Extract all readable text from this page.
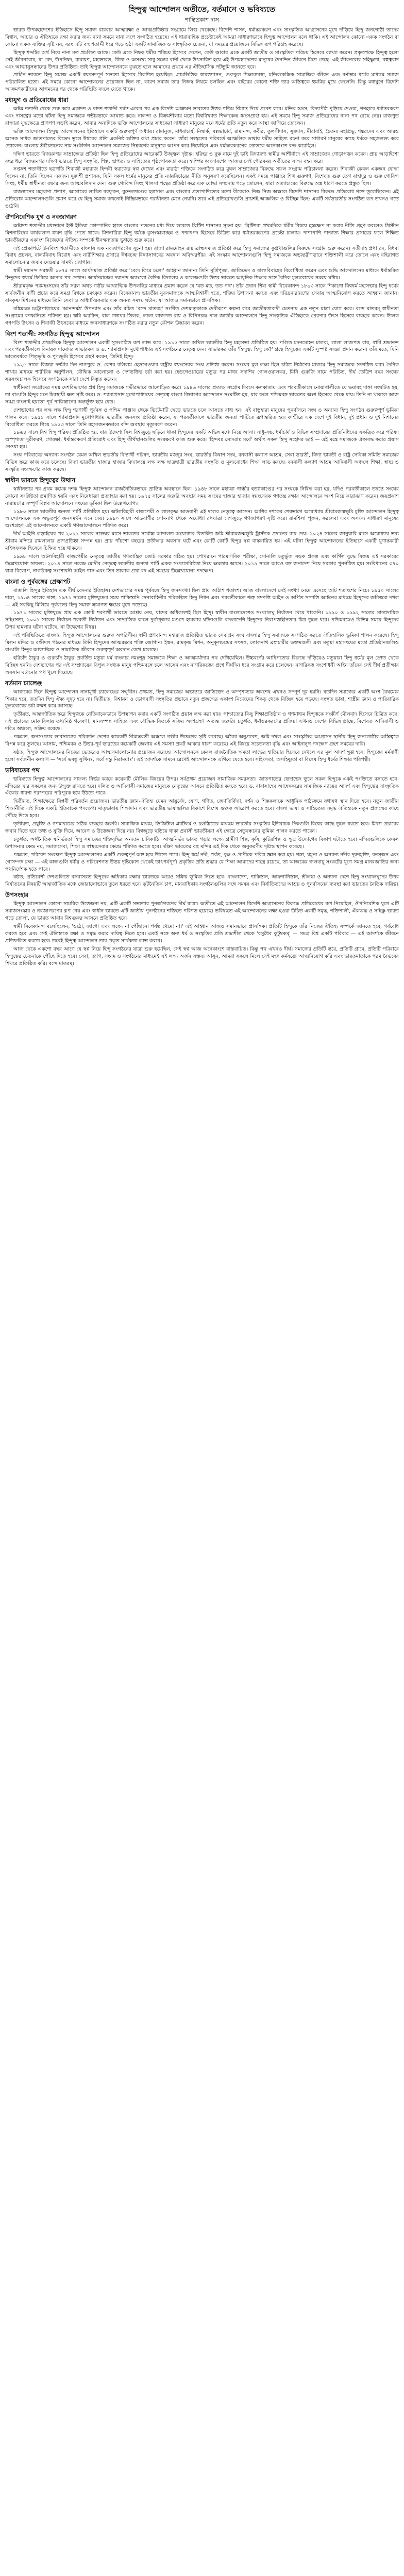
হিন্দুত্ব আন্দোলন অতীতে, বর্তমানে ও ভবিষ্যতে
শান্তিপ্রকাশ দাস

ভারত উপমহাদেশের ইতিহাসে হিন্দু সমাজ বারবার আত্মরক্ষা ও আত্মপ্রতিষ্ঠার সংগ্রামে লিপ্ত থেকেছে। বিদেশি শাসন, ধর্মান্তরকরণ এবং সাংস্কৃতিক আগ্রাসনের মুখে দাঁড়িয়ে হিন্দু জনগোষ্ঠী তাদের বিশ্বাস, আচার ও ঐতিহ্যকে রক্ষা করার জন্য নানা সময়ে নানা রূপে সংগঠিত হয়েছে। এই ধারাবাহিক প্রচেষ্টাকেই আমরা সাধারণভাবে হিন্দুত্ব আন্দোলন বলে থাকি। এই আন্দোলন কোনো একক সংগঠন বা কোনো একক ব্যক্তির সৃষ্টি নয়; বরং এটি বহু শতাব্দী ধরে গড়ে ওঠা একটি সামাজিক ও সাংস্কৃতিক চেতনা, যা সময়ের প্রয়োজনে বিভিন্ন রূপ পরিগ্রহ করেছে।

হিন্দুত্ব শব্দটির অর্থ নিয়ে নানা মত প্রচলিত আছে। কেউ একে নিছক ধর্মীয় পরিচয় হিসেবে দেখেন, কেউ আবার একে একটি জাতীয় ও সাংস্কৃতিক পরিচয় হিসেবে ব্যাখ্যা করেন। প্রকৃতপক্ষে হিন্দুত্ব হলো সেই জীবনবোধ, যা বেদ, উপনিষদ, রামায়ণ, মহাভারত, গীতা ও অসংখ্য সাধু-সন্তের বাণী থেকে উৎসারিত হয়ে এই উপমহাদেশের মানুষের দৈনন্দিন জীবনে মিশে গেছে। এই জীবনবোধ সহিষ্ণুতা, বহুত্ববাদ এবং আত্মানুসন্ধানের উপর প্রতিষ্ঠিত। তাই হিন্দুত্ব আন্দোলনকে বুঝতে হলে আমাদের প্রথমে এর ঐতিহাসিক পটভূমি জানতে হবে।

প্রাচীন ভারতে হিন্দু সমাজ একটি স্বয়ংসম্পূর্ণ সভ্যতা হিসেবে বিকশিত হয়েছিল। গ্রামভিত্তিক স্বায়ত্তশাসন, গুরুকুল শিক্ষাব্যবস্থা, মন্দিরকেন্দ্রিক সামাজিক জীবন এবং বর্ণাশ্রম ধর্মের মাধ্যমে সমাজ পরিচালিত হতো। এই সময়ে কোনো আন্দোলনের প্রয়োজন ছিল না, কারণ সমাজ তার নিজস্ব নিয়মে চলছিল এবং বাইরের কোনো শক্তি তার অস্তিত্বকে হুমকির মুখে ফেলেনি। কিন্তু মধ্যযুগে বিদেশি আক্রমণকারীদের আগমনের পর থেকে পরিস্থিতি বদলে যেতে থাকে।

মধ্যযুগ ও প্রতিরোধের ধারা

অষ্টম শতাব্দী থেকে শুরু করে একাদশ ও দ্বাদশ শতাব্দী পর্যন্ত একের পর এক বিদেশি আক্রমণ ভারতের উত্তর-পশ্চিম সীমান্ত দিয়ে প্রবেশ করে। মন্দির ধ্বংস, বিদ্যাপীঠ পুড়িয়ে দেওয়া, গণহারে ধর্মান্তরকরণ এবং দাসত্বের মতো ঘটনা হিন্দু সমাজকে গভীরভাবে আঘাত করে। নালন্দা ও বিক্রমশীলার মতো বিশ্ববিখ্যাত শিক্ষাকেন্দ্র ধ্বংসপ্রাপ্ত হয়। এই সময়ে হিন্দু সমাজ প্রতিরোধের নানা পথ বেছে নেয়। রাজপুত রাজারা যুদ্ধক্ষেত্রে প্রাণপণ লড়াই করেন, আবার অন্যদিকে ভক্তি আন্দোলনের সাধকেরা সাধারণ মানুষের মনে ধর্মের প্রতি নতুন করে আস্থা জাগিয়ে তোলেন।

ভক্তি আন্দোলন হিন্দুত্ব আন্দোলনের ইতিহাসে একটি গুরুত্বপূর্ণ অধ্যায়। রামানুজ, মাধবাচার্য, নিম্বার্ক, বল্লভাচার্য, রামানন্দ, কবীর, তুলসীদাস, সুরদাস, মীরাবাই, চৈতন্য মহাপ্রভু, শঙ্করদেব এবং আরও অনেক সাধক জাতপাতের বিভেদ ভুলে ঈশ্বরের প্রতি একনিষ্ঠ ভক্তির কথা প্রচার করেন। তাঁরা সংস্কৃতের পরিবর্তে আঞ্চলিক ভাষায় ধর্মীয় সাহিত্য রচনা করে সাধারণ মানুষের কাছে ধর্মকে সহজলভ্য করে তোলেন। বাংলায় শ্রীচৈতন্যের নাম সংকীর্তন আন্দোলন সমাজের নিম্নবর্গের মানুষকে আপন করে নিয়েছিল এবং ধর্মান্তরকরণের স্রোতকে অনেকাংশে রুদ্ধ করেছিল।

দক্ষিণ ভারতে বিজয়নগর সাম্রাজ্যের প্রতিষ্ঠা ছিল হিন্দু প্রতিরোধের আরেকটি উজ্জ্বল দৃষ্টান্ত। হরিহর ও বুক্ক নামে দুই ভাই বিদ্যারণ্য স্বামীর আশীর্বাদে এই সাম্রাজ্যের গোড়াপত্তন করেন। প্রায় আড়াইশো বছর ধরে বিজয়নগর দক্ষিণ ভারতে হিন্দু সংস্কৃতি, শিল্প, স্থাপত্য ও সাহিত্যের পৃষ্ঠপোষকতা করে। হাম্পির ধ্বংসাবশেষ আজও সেই গৌরবময় অতীতের সাক্ষ্য বহন করে।

সপ্তদশ শতাব্দীতে ছত্রপতি শিবাজী মহারাজ হিন্দবী স্বরাজের স্বপ্ন দেখেন এবং মারাঠা শক্তিকে সংগঠিত করে মুঘল সাম্রাজ্যের বিরুদ্ধে সফল সংগ্রাম পরিচালনা করেন। শিবাজী কেবল একজন যোদ্ধা ছিলেন না; তিনি ছিলেন একজন দূরদর্শী প্রশাসক, যিনি সকল ধর্মের মানুষের প্রতি ন্যায়বিচারের নীতি অনুসরণ করেছিলেন। একই সময়ে পাঞ্জাবে শিখ গুরুগণ, বিশেষত গুরু তেগ বাহাদুর ও গুরু গোবিন্দ সিংহ, ধর্মীয় স্বাধীনতা রক্ষার জন্য আত্মবলিদান দেন। গুরু গোবিন্দ সিংহ খালসা পন্থের প্রতিষ্ঠা করে এক যোদ্ধা সম্প্রদায় গড়ে তোলেন, যারা অত্যাচারের বিরুদ্ধে অস্ত্র ধারণ করতে প্রস্তুত ছিল।

রাজস্থানের মহারাণা প্রতাপ, আসামের লাচিত বরফুকন, বুন্দেলখণ্ডের ছত্রসাল এবং বাংলার প্রতাপাদিত্যের মতো বীরেরাও নিজ নিজ অঞ্চলে বিদেশি শাসনের বিরুদ্ধে প্রতিরোধ গড়ে তুলেছিলেন। এই প্রতিরোধ আন্দোলনগুলি প্রমাণ করে যে হিন্দু সমাজ কখনোই নিষ্ক্রিয়ভাবে পরাধীনতা মেনে নেয়নি। তবে এই প্রতিরোধগুলি প্রায়শই আঞ্চলিক ও বিচ্ছিন্ন ছিল; একটি সর্বভারতীয় সংগঠিত রূপ তখনও গড়ে ওঠেনি।

ঔপনিবেশিক যুগ ও নবজাগরণ

অষ্টাদশ শতাব্দীর মধ্যভাগে ইস্ট ইন্ডিয়া কোম্পানির হাতে বাংলার পতনের মধ্য দিয়ে ভারতে ব্রিটিশ শাসনের সূচনা হয়। ব্রিটিশরা প্রথমদিকে ধর্মীয় বিষয়ে হস্তক্ষেপ না করার নীতি গ্রহণ করলেও খ্রিস্টান মিশনারিদের কার্যকলাপ ক্রমশ বৃদ্ধি পেতে থাকে। মিশনারিরা হিন্দু ধর্মকে কুসংস্কারাচ্ছন্ন ও পশ্চাৎপদ হিসেবে চিত্রিত করে ধর্মান্তরকরণের প্রচেষ্টা চালায়। পাশাপাশি পাশ্চাত্য শিক্ষার প্রসারের ফলে শিক্ষিত ভারতীয়দের একাংশ নিজেদের ঐতিহ্য সম্পর্কে হীনম্মন্যতায় ভুগতে শুরু করে।

এই প্রেক্ষাপটে উনবিংশ শতাব্দীতে বাংলায় এক নবজাগরণের সূচনা হয়। রাজা রামমোহন রায় ব্রাহ্মসমাজ প্রতিষ্ঠা করে হিন্দু সমাজের কুপ্রথাগুলির বিরুদ্ধে সংগ্রাম শুরু করেন। সতীদাহ প্রথা রদ, বিধবা বিবাহ প্রচলন, বাল্যবিবাহ নিরোধ এবং নারীশিক্ষার প্রসারে ঈশ্বরচন্দ্র বিদ্যাসাগরের অবদান অবিস্মরণীয়। এই সংস্কার আন্দোলনগুলি হিন্দু সমাজকে অভ্যন্তরীণভাবে শক্তিশালী করে তোলে এবং বহিরাগত সমালোচনার জবাব দেওয়ার সামর্থ্য জোগায়।

স্বামী দয়ানন্দ সরস্বতী ১৮৭৫ সালে আর্যসমাজ প্রতিষ্ঠা করে 'বেদে ফিরে চলো' আহ্বান জানান। তিনি মূর্তিপূজা, জাতিভেদ ও বাল্যবিবাহের বিরোধিতা করেন এবং শুদ্ধি আন্দোলনের মাধ্যমে ধর্মান্তরিত হিন্দুদের স্বধর্মে ফিরিয়ে আনার পথ দেখান। আর্যসমাজের দয়ানন্দ অ্যাংলো বৈদিক বিদ্যালয় ও কলেজগুলি উত্তর ভারতে আধুনিক শিক্ষার সঙ্গে বৈদিক মূল্যবোধের সমন্বয় ঘটায়।

শ্রীরামকৃষ্ণ পরমহংসদেব তাঁর সরল অথচ গভীর আধ্যাত্মিক উপলব্ধির মাধ্যমে প্রমাণ করেন যে 'যত মত, তত পথ'। তাঁর প্রধান শিষ্য স্বামী বিবেকানন্দ ১৮৯৩ সালে শিকাগো বিশ্বধর্ম মহাসভায় হিন্দু ধর্মের সার্বজনীন বাণী প্রচার করে সমগ্র বিশ্বকে চমৎকৃত করেন। বিবেকানন্দ ভারতীয় যুবসমাজকে আত্মবিশ্বাসী হতে, শক্তির উপাসনা করতে এবং দরিদ্রনারায়ণের সেবায় আত্মনিয়োগ করতে আহ্বান জানান। রামকৃষ্ণ মিশনের মাধ্যমে তিনি সেবা ও আধ্যাত্মিকতার এক অনন্য সমন্বয় ঘটান, যা আজও সমানভাবে প্রাসঙ্গিক।

বঙ্কিমচন্দ্র চট্টোপাধ্যায়ের 'আনন্দমঠ' উপন্যাস এবং তাঁর রচিত 'বন্দে মাতরম্' সংগীত দেশমাতৃকাকে দেবীরূপে কল্পনা করে জাতীয়তাবাদী চেতনায় এক নতুন মাত্রা যোগ করে। বন্দে মাতরম্ স্বাধীনতা সংগ্রামের রণধ্বনিতে পরিণত হয়। ঋষি অরবিন্দ, বাল গঙ্গাধর তিলক, লালা লাজপত রায় ও বিপিনচন্দ্র পাল জাতীয় আন্দোলনে হিন্দু সাংস্কৃতিক ঐতিহ্যকে প্রেরণার উৎস হিসেবে ব্যবহার করেন। তিলক গণপতি উৎসব ও শিবাজী উৎসবের মাধ্যমে জনসাধারণকে সংগঠিত করার নতুন কৌশল উদ্ভাবন করেন।

বিংশ শতাব্দী: সংগঠিত হিন্দুত্ব আন্দোলন

বিংশ শতাব্দীর প্রথমদিকে হিন্দুত্ব আন্দোলন একটি সুসংগঠিত রূপ লাভ করে। ১৯১৫ সালে অখিল ভারতীয় হিন্দু মহাসভা প্রতিষ্ঠিত হয়। পণ্ডিত মদনমোহন মালব্য, লালা লাজপত রায়, স্বামী শ্রদ্ধানন্দ এবং পরবর্তীকালে বিনায়ক দামোদর সাভারকর ও ড. শ্যামাপ্রসাদ মুখোপাধ্যায় এই সংগঠনের নেতৃত্ব দেন। সাভারকর তাঁর 'হিন্দুত্ব: হিন্দু কে?' গ্রন্থে হিন্দুত্বের একটি সুস্পষ্ট সংজ্ঞা প্রদান করেন। তাঁর মতে, যিনি ভারতবর্ষকে পিতৃভূমি ও পুণ্যভূমি হিসেবে গ্রহণ করেন, তিনিই হিন্দু।

১৯২৫ সালে বিজয়া দশমীর দিন নাগপুরে ড. কেশব বলিরাম হেডগেওয়ার রাষ্ট্রীয় স্বয়ংসেবক সংঘ প্রতিষ্ঠা করেন। সংঘের মূল লক্ষ্য ছিল চরিত্র নির্মাণের মাধ্যমে হিন্দু সমাজকে সংগঠিত করা। দৈনিক শাখার মাধ্যমে শারীরিক অনুশীলন, বৌদ্ধিক আলোচনা ও দেশভক্তির চর্চা করা হয়। হেডগেওয়ারের মৃত্যুর পর মাধব সদাশিব গোলওয়ালকর, যিনি গুরুজি নামে পরিচিত, দীর্ঘ তেত্রিশ বছর সংঘের সরসংঘচালক হিসেবে সংগঠনকে সারা দেশে বিস্তৃত করেন।

স্বাধীনতা সংগ্রামের সময় দেশবিভাগের প্রশ্ন হিন্দু সমাজকে গভীরভাবে আলোড়িত করে। ১৯৪৬ সালের প্রত্যক্ষ সংগ্রাম দিবসে কলকাতায় এবং পরবর্তীকালে নোয়াখালীতে যে ভয়াবহ দাঙ্গা সংঘটিত হয়, তা বাঙালি হিন্দুর মনে চিরস্থায়ী ক্ষত সৃষ্টি করে। ড. শ্যামাপ্রসাদ মুখোপাধ্যায়ের নেতৃত্বে বাংলা বিভাগের আন্দোলন সংঘটিত হয়, যার ফলে পশ্চিমবঙ্গ ভারতের অংশ হিসেবে থেকে যায়। তিনি না থাকলে আজ সমগ্র বাংলাই হয়তো পূর্ব পাকিস্তানের অন্তর্ভুক্ত হয়ে যেত।

দেশভাগের পর লক্ষ লক্ষ হিন্দু শরণার্থী পূর্ববঙ্গ ও পশ্চিম পাঞ্জাব থেকে ভিটেমাটি ছেড়ে ভারতে চলে আসতে বাধ্য হন। এই বাস্তুহারা মানুষের পুনর্বাসনে সংঘ ও অন্যান্য হিন্দু সংগঠন গুরুত্বপূর্ণ ভূমিকা পালন করে। ১৯৫১ সালে শ্যামাপ্রসাদ মুখোপাধ্যায় ভারতীয় জনসংঘ প্রতিষ্ঠা করেন, যা পরবর্তীকালে ভারতীয় জনতা পার্টিতে রূপান্তরিত হয়। কাশ্মীরে এক দেশে দুই বিধান, দুই প্রধান ও দুই নিশানের বিরোধিতা করতে গিয়ে ১৯৫৩ সালে তিনি রহস্যজনকভাবে বন্দি অবস্থায় মৃত্যুবরণ করেন।

১৯৬৪ সালে বিশ্ব হিন্দু পরিষদ প্রতিষ্ঠিত হয়, যার উদ্দেশ্য ছিল বিশ্বজুড়ে ছড়িয়ে থাকা হিন্দুদের একটি অভিন্ন মঞ্চে নিয়ে আসা। সাধু-সন্ত, ধর্মাচার্য ও বিভিন্ন সম্প্রদায়ের প্রতিনিধিদের একত্রিত করে পরিষদ অস্পৃশ্যতা দূরীকরণ, গোরক্ষা, ধর্মান্তরকরণ প্রতিরোধ এবং হিন্দু তীর্থস্থানগুলির সংরক্ষণে কাজ শুরু করে। 'হিন্দবঃ সোদরাঃ সর্বে' অর্থাৎ সকল হিন্দু সহোদর ভাই — এই মন্ত্রে সমাজকে ঐক্যবদ্ধ করার প্রয়াস নেওয়া হয়।

সংঘ পরিবারের অন্যান্য সংগঠন যেমন অখিল ভারতীয় বিদ্যার্থী পরিষদ, ভারতীয় মজদুর সংঘ, ভারতীয় কিষাণ সংঘ, বনবাসী কল্যাণ আশ্রম, সেবা ভারতী, বিদ্যা ভারতী ও রাষ্ট্র সেবিকা সমিতি সমাজের বিভিন্ন স্তরে কাজ করে চলেছে। বিদ্যা ভারতীর হাজার হাজার বিদ্যালয়ে লক্ষ লক্ষ ছাত্রছাত্রী ভারতীয় সংস্কৃতি ও মূল্যবোধের শিক্ষা লাভ করছে। বনবাসী কল্যাণ আশ্রম আদিবাসী অঞ্চলে শিক্ষা, স্বাস্থ্য ও সংস্কৃতি সংরক্ষণের কাজ করছে।

স্বাধীন ভারতে হিন্দুত্বের উত্থান

স্বাধীনতার পর প্রথম কয়েক দশক হিন্দুত্ব আন্দোলন রাজনৈতিকভাবে প্রান্তিক অবস্থানে ছিল। ১৯৪৮ সালে মহাত্মা গান্ধীর হত্যাকাণ্ডের পর সংঘকে নিষিদ্ধ করা হয়, যদিও পরবর্তীকালে তদন্তে সংঘের কোনো সংশ্লিষ্টতা প্রমাণিত হয়নি এবং নিষেধাজ্ঞা প্রত্যাহার করা হয়। ১৯৭৫ সালের জরুরি অবস্থার সময় সংঘের হাজার হাজার স্বয়ংসেবক গণতন্ত্র রক্ষার আন্দোলনে অংশ নিয়ে কারাবরণ করেন। জয়প্রকাশ নারায়ণের সম্পূর্ণ বিপ্লব আন্দোলনে সংঘের ভূমিকা ছিল উল্লেখযোগ্য।

১৯৮০ সালে ভারতীয় জনতা পার্টি প্রতিষ্ঠিত হয়। অটলবিহারী বাজপেয়ী ও লালকৃষ্ণ আডবাণী এই দলের নেতৃত্বে আসেন। আশির দশকের শেষভাগে অযোধ্যায় শ্রীরামজন্মভূমি মুক্তি আন্দোলন হিন্দুত্ব আন্দোলনকে এক অভূতপূর্ব জনসমর্থন এনে দেয়। ১৯৯০ সালে আডবাণীর সোমনাথ থেকে অযোধ্যা রথযাত্রা দেশজুড়ে গণজাগরণ সৃষ্টি করে। রামশিলা পূজন, করসেবা এবং অসংখ্য সাধারণ মানুষের অংশগ্রহণ এই আন্দোলনকে একটি গণআন্দোলনে পরিণত করে।

দীর্ঘ আইনি লড়াইয়ের পর ২০১৯ সালের নভেম্বর মাসে ভারতের সর্বোচ্চ আদালত অযোধ্যার বিতর্কিত জমি শ্রীরামজন্মভূমি ট্রাস্টকে প্রদানের রায় দেয়। ২০২৪ সালের জানুয়ারি মাসে অযোধ্যায় ভব্য শ্রীরাম মন্দিরে রামলালার প্রাণপ্রতিষ্ঠা সম্পন্ন হয়। প্রায় পাঁচশো বছরের প্রতীক্ষার অবসান ঘটে এবং কোটি কোটি হিন্দুর স্বপ্ন বাস্তবায়িত হয়। এই ঘটনা হিন্দুত্ব আন্দোলনের ইতিহাসে একটি যুগান্তকারী মাইলফলক হিসেবে চিহ্নিত হয়ে থাকবে।

১৯৯৮ সালে অটলবিহারী বাজপেয়ীর নেতৃত্বে জাতীয় গণতান্ত্রিক জোট সরকার গঠিত হয়। পোখরানে পারমাণবিক পরীক্ষা, সোনালি চতুর্ভুজ সড়ক প্রকল্প এবং কার্গিল যুদ্ধে বিজয় এই সরকারের উল্লেখযোগ্য সাফল্য। ২০১৪ সালে নরেন্দ্র মোদীর নেতৃত্বে ভারতীয় জনতা পার্টি একক সংখ্যাগরিষ্ঠতা নিয়ে ক্ষমতায় আসে। ২০১৯ সালে আরও বড় জনাদেশ নিয়ে সরকার পুনর্গঠিত হয়। সংবিধানের ৩৭০ ধারা বিলোপ, নাগরিকত্ব সংশোধনী আইন পাস এবং তিন তালাক প্রথা রদ এই সময়ের উল্লেখযোগ্য পদক্ষেপ।

বাংলা ও পূর্ববঙ্গের প্রেক্ষাপট

বাঙালি হিন্দুর ইতিহাস এক দীর্ঘ বেদনার ইতিহাস। দেশভাগের সময় পূর্ববঙ্গে হিন্দু জনসংখ্যা ছিল প্রায় আঠাশ শতাংশ। আজ বাংলাদেশে সেই সংখ্যা নেমে এসেছে আট শতাংশের নিচে। ১৯৫০ সালের দাঙ্গা, ১৯৬৪ সালের দাঙ্গা, ১৯৭১ সালের মুক্তিযুদ্ধের সময় পাকিস্তানি সেনাবাহিনীর পরিকল্পিত হিন্দু নিধন এবং পরবর্তীকালে শত্রু সম্পত্তি আইন ও অর্পিত সম্পত্তি আইনের মাধ্যমে হিন্দুদের জমিজমা দখল — এই সবকিছু মিলিয়ে পূর্ববঙ্গের হিন্দু সমাজ ক্রমাগত ক্ষয়ের মুখে পড়েছে।

১৯৭১ সালের মুক্তিযুদ্ধে প্রায় এক কোটি শরণার্থী ভারতে আশ্রয় নেয়, যাদের অধিকাংশই ছিল হিন্দু। স্বাধীন বাংলাদেশেও সংখ্যালঘু নির্যাতন থেমে থাকেনি। ১৯৯০ ও ১৯৯২ সালের সাম্প্রদায়িক সহিংসতা, ২০০১ সালের নির্বাচন-পরবর্তী নির্যাতন এবং সাম্প্রতিক কালে দুর্গাপূজার মণ্ডপে হামলার ঘটনাগুলি বাংলাদেশি হিন্দুদের নিরাপত্তাহীনতার চিত্র তুলে ধরে। পশ্চিমবঙ্গেও বিভিন্ন সময়ে হিন্দুদের উপর হামলার ঘটনা ঘটেছে, যা উদ্বেগের বিষয়।

এই পরিস্থিতিতে বাংলায় হিন্দুত্ব আন্দোলনের গুরুত্ব অপরিসীম। স্বামী প্রণবানন্দ মহারাজ প্রতিষ্ঠিত ভারত সেবাশ্রম সংঘ বাংলার হিন্দু সমাজকে সংগঠিত করতে ঐতিহাসিক ভূমিকা পালন করেছে। হিন্দু মিলন মন্দির ও রক্ষীদল গঠনের মাধ্যমে তিনি হিন্দুদের আত্মরক্ষার শক্তি জোগান। ইস্কন, রামকৃষ্ণ মিশন, অনুকূলচন্দ্রের সৎসঙ্গ, লোকনাথ ব্রহ্মচারীর ভক্তমণ্ডলী এবং মতুয়া মহাসংঘের মতো প্রতিষ্ঠানগুলিও বাঙালি হিন্দুর আধ্যাত্মিক ও সামাজিক জীবনে গুরুত্বপূর্ণ অবদান রেখে চলেছে।

হরিচাঁদ ঠাকুর ও গুরুচাঁদ ঠাকুর প্রবর্তিত মতুয়া ধর্ম বাংলার নমঃশূদ্র সমাজকে শিক্ষা ও আত্মমর্যাদার পথ দেখিয়েছিল। উচ্চবর্ণের আধিপত্যের বিরুদ্ধে দাঁড়িয়েও মতুয়ারা হিন্দু ধর্মের মূল স্রোত থেকে বিচ্ছিন্ন হননি। দেশভাগের পর এই সম্প্রদায়ের বিপুল সংখ্যক মানুষ পশ্চিমবঙ্গে চলে আসেন এবং নাগরিকত্বের প্রশ্নে দীর্ঘদিন ধরে সংগ্রাম করে চলেছেন। নাগরিকত্ব সংশোধনী আইন তাঁদের সেই দীর্ঘ প্রতীক্ষার অবসান ঘটানোর পথ খুলে দিয়েছে।

বর্তমান চ্যালেঞ্জ

আজকের দিনে হিন্দুত্ব আন্দোলন নানামুখী চ্যালেঞ্জের সম্মুখীন। প্রথমত, হিন্দু সমাজের অভ্যন্তরে জাতিভেদ ও অস্পৃশ্যতার অবশেষ এখনও সম্পূর্ণ দূর হয়নি। যতদিন সমাজের একটি অংশ বৈষম্যের শিকার হবে, ততদিন হিন্দু ঐক্য সুদৃঢ় হবে না। দ্বিতীয়ত, বিশ্বায়ন ও ভোগবাদী সংস্কৃতির প্রভাবে নতুন প্রজন্মের একাংশ নিজেদের শিকড় থেকে বিচ্ছিন্ন হয়ে পড়ছে। সংস্কৃত ভাষা, শাস্ত্রীয় জ্ঞান ও পারিবারিক মূল্যবোধের চর্চা ক্রমশ কমে আসছে।

তৃতীয়ত, আন্তর্জাতিক স্তরে হিন্দুত্বকে নেতিবাচকভাবে উপস্থাপন করার একটি সংগঠিত প্রয়াস লক্ষ করা যায়। পাশ্চাত্যের কিছু শিক্ষাপ্রতিষ্ঠান ও গণমাধ্যম হিন্দুত্বকে সংকীর্ণ মৌলবাদ হিসেবে চিত্রিত করে। এই প্রচারের মোকাবিলায় তথ্যনিষ্ঠ গবেষণা, মানসম্পন্ন সাহিত্য এবং বৌদ্ধিক বিতর্কে সক্রিয় অংশগ্রহণ অত্যন্ত জরুরি। চতুর্থত, ধর্মান্তরকরণের প্রক্রিয়া এখনও দেশের বিভিন্ন প্রান্তে, বিশেষত আদিবাসী ও দরিদ্র অঞ্চলে, সক্রিয় রয়েছে।

পঞ্চমত, জনসংখ্যার ভারসাম্যের পরিবর্তন দেশের কয়েকটি সীমান্তবর্তী অঞ্চলে গভীর উদ্বেগের সৃষ্টি করেছে। অবৈধ অনুপ্রবেশ, জমি দখল এবং সাংস্কৃতিক আগ্রাসন স্থানীয় হিন্দু জনগোষ্ঠীর অস্তিত্বকে বিপন্ন করে তুলছে। আসাম, পশ্চিমবঙ্গ ও উত্তর-পূর্ব ভারতের কয়েকটি জেলায় এই সমস্যা প্রকট আকার ধারণ করেছে। এই বিষয়ে সচেতনতা বৃদ্ধি এবং আইনানুগ পদক্ষেপ গ্রহণ সময়ের দাবি।

ষষ্ঠত, হিন্দুত্ব আন্দোলনের নিজের ভেতরেও আত্মসমালোচনার প্রয়োজন রয়েছে। আন্দোলনকে কেবল রাজনৈতিক ক্ষমতা লাভের হাতিয়ার হিসেবে দেখলে এর মূল আদর্শ ক্ষুণ্ণ হবে। হিন্দুত্বের মর্মবাণী হলো সর্বজনীন কল্যাণ — 'সর্বে ভবন্তু সুখিনঃ, সর্বে সন্তু নিরাময়াঃ'। এই আদর্শকে সামনে রেখেই আন্দোলনকে এগিয়ে যেতে হবে। সহিংসতা, অসহিষ্ণুতা বা বিদ্বেষ হিন্দু ধর্মের শিক্ষার পরিপন্থী।

ভবিষ্যতের পথ

ভবিষ্যতে হিন্দুত্ব আন্দোলনের সাফল্য নির্ভর করবে কয়েকটি মৌলিক বিষয়ের উপর। সর্বপ্রথম প্রয়োজন সামাজিক সমরসতা। জাতপাতের ভেদাভেদ ভুলে সকল হিন্দুকে একই পংক্তিতে বসাতে হবে। মন্দিরের দ্বার সকলের জন্য উন্মুক্ত রাখতে হবে। দলিত ও আদিবাসী সমাজের মানুষকে নেতৃত্বের আসনে প্রতিষ্ঠিত করতে হবে। ড. বাবাসাহেব আম্বেদকরের সামাজিক ন্যায়ের আদর্শ এবং হিন্দুত্বের সাংস্কৃতিক ঐক্যের ধারণা পরস্পরের পরিপূরক হয়ে উঠতে পারে।

দ্বিতীয়ত, শিক্ষাক্ষেত্রে বিপ্লবী পরিবর্তন প্রয়োজন। ভারতীয় জ্ঞান-ঐতিহ্য যেমন আয়ুর্বেদ, যোগ, গণিত, জ্যোতির্বিদ্যা, দর্শন ও শিল্পকলাকে আধুনিক পাঠ্যক্রমে যথাযথ স্থান দিতে হবে। নতুন জাতীয় শিক্ষানীতি এই দিকে একটি ইতিবাচক পদক্ষেপ। মাতৃভাষায় শিক্ষাদান এবং ভারতীয় ভাষাগুলির বিকাশে বিশেষ গুরুত্ব আরোপ করতে হবে। বাংলা ভাষা ও সাহিত্যের সমৃদ্ধ ঐতিহ্যকে নতুন প্রজন্মের কাছে পৌঁছে দিতে হবে।

তৃতীয়ত, প্রযুক্তি ও গণমাধ্যমের সঠিক ব্যবহার জরুরি। সামাজিক মাধ্যম, ডিজিটাল প্ল্যাটফর্ম ও চলচ্চিত্রের মাধ্যমে ভারতীয় সংস্কৃতির ইতিবাচক দিকগুলি বিশ্বের কাছে তুলে ধরতে হবে। মিথ্যা প্রচারের জবাব দিতে হবে তথ্য ও যুক্তি দিয়ে, আবেগ ও উত্তেজনা দিয়ে নয়। বিশ্বজুড়ে ছড়িয়ে থাকা প্রবাসী ভারতীয়রা এই ক্ষেত্রে সেতুবন্ধনের ভূমিকা পালন করতে পারেন।

চতুর্থত, অর্থনৈতিক স্বনির্ভরতা হিন্দু সমাজের শক্তিবৃদ্ধির অন্যতম চাবিকাঠি। আত্মনির্ভর ভারত গড়ার লক্ষ্যে গ্রামীণ শিল্প, কৃষি, কুটিরশিল্প ও ক্ষুদ্র উদ্যোগের বিকাশ ঘটাতে হবে। মন্দিরগুলিকে কেবল উপাসনার কেন্দ্র নয়, সমাজসেবা, শিক্ষা ও স্বাস্থ্যসেবার কেন্দ্রে পরিণত করতে হবে। দক্ষিণ ভারতের বহু মন্দির এই দিক থেকে অনুকরণীয় দৃষ্টান্ত স্থাপন করেছে।

পঞ্চমত, পরিবেশ সংরক্ষণ হিন্দুত্ব আন্দোলনের একটি গুরুত্বপূর্ণ অঙ্গ হয়ে উঠতে পারে। হিন্দু ধর্মে নদী, পর্বত, বৃক্ষ ও প্রাণীকে পবিত্র জ্ঞান করা হয়। গঙ্গা, যমুনা ও অন্যান্য নদীর দূষণমুক্তি, বনসৃজন এবং গোসম্পদ রক্ষা — এই কাজগুলি ধর্মীয় ও পরিবেশগত উভয় দৃষ্টিকোণ থেকেই তাৎপর্যপূর্ণ। প্রকৃতির প্রতি শ্রদ্ধার যে শিক্ষা আমাদের শাস্ত্রে রয়েছে, তা আজকের জলবায়ু সংকটের যুগে সমগ্র মানবজাতির জন্য পথনির্দেশক হতে পারে।

ষষ্ঠত, প্রতিবেশী দেশগুলিতে বসবাসরত হিন্দুদের অধিকার রক্ষায় ভারতকে আরও সক্রিয় ভূমিকা নিতে হবে। বাংলাদেশ, পাকিস্তান, আফগানিস্তান, শ্রীলঙ্কা ও অন্যান্য দেশে হিন্দু সংখ্যালঘুদের উপর নির্যাতনের বিষয়টি আন্তর্জাতিক মঞ্চে জোরালোভাবে তুলে ধরতে হবে। কূটনৈতিক চাপ, মানবাধিকার সংগঠনগুলির সঙ্গে সমন্বয় এবং নির্যাতিতদের আশ্রয় ও পুনর্বাসনের ব্যবস্থা করা ভারতের নৈতিক দায়িত্ব।

উপসংহার

হিন্দুত্ব আন্দোলন কোনো সাময়িক উত্তেজনা নয়, এটি একটি সভ্যতার পুনর্জাগরণের দীর্ঘ যাত্রা। অতীতে এই আন্দোলন বিদেশি আগ্রাসনের বিরুদ্ধে প্রতিরোধের রূপ নিয়েছিল, ঔপনিবেশিক যুগে এটি সমাজসংস্কার ও নবজাগরণের রূপ নেয় এবং স্বাধীন ভারতে এটি জাতীয় পুনর্গঠনের শক্তিতে পরিণত হয়েছে। ভবিষ্যতে এই আন্দোলনের লক্ষ্য হওয়া উচিত একটি সমৃদ্ধ, শক্তিশালী, ঐক্যবদ্ধ ও সহিষ্ণু ভারত গড়ে তোলা, যে ভারত আবার বিশ্বগুরুর আসনে প্রতিষ্ঠিত হবে।

স্বামী বিবেকানন্দ বলেছিলেন, 'ওঠো, জাগো এবং লক্ষ্যে না পৌঁছানো পর্যন্ত থেমো না।' এই আহ্বান আজও সমানভাবে প্রাসঙ্গিক। প্রতিটি হিন্দুকে তাঁর নিজের ঐতিহ্য সম্পর্কে জানতে হবে, গর্ববোধ করতে হবে এবং সেই ঐতিহ্যকে রক্ষা ও সমৃদ্ধ করার দায়িত্ব নিতে হবে। একই সঙ্গে অন্য ধর্ম ও সংস্কৃতির প্রতি শ্রদ্ধাশীল থেকে 'বসুধৈব কুটুম্বকম্' — সমগ্র বিশ্ব একটি পরিবার — এই আদর্শকে জীবনে প্রতিফলিত করতে হবে। তবেই হিন্দুত্ব আন্দোলন তার প্রকৃত সার্থকতা লাভ করবে।

আজ থেকে একশো বছর আগে যে স্বপ্ন নিয়ে হিন্দু সংগঠনের যাত্রা শুরু হয়েছিল, সেই স্বপ্ন আজ অনেকাংশে বাস্তবায়িত। কিন্তু পথ এখনও দীর্ঘ। সমাজের প্রতিটি স্তরে, প্রতিটি গ্রামে, প্রতিটি পরিবারে হিন্দুত্বের চেতনাকে পৌঁছে দিতে হবে। সেবা, ত্যাগ, সংযম ও সংগঠনের মাধ্যমেই এই লক্ষ্য অর্জন সম্ভব। আসুন, আমরা সকলে মিলে সেই মহৎ কর্মযজ্ঞে আত্মনিয়োগ করি এবং ভারতমাতাকে পরম বৈভবের শিখরে প্রতিষ্ঠিত করি। বন্দে মাতরম্।
